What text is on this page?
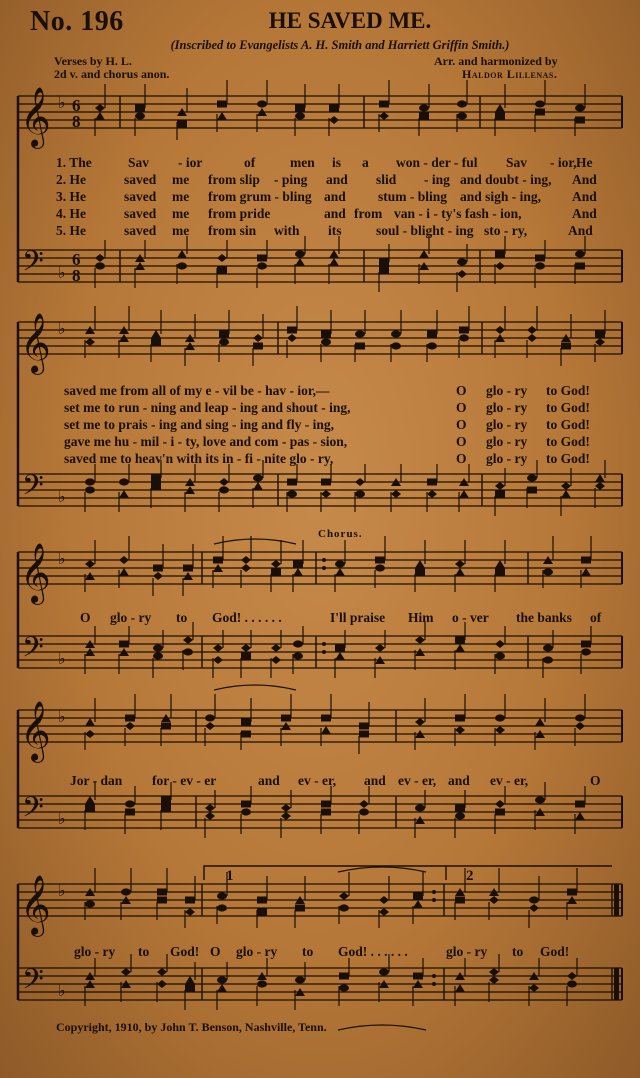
No. 196	HE SAVED ME.
(Inscribed to Evangelists A. H. Smith and Harriett Griffin Smith.)
Verses by H. L.
2d v. and chorus anon.
Arr. and harmonized by
Haldor Lillenas.
Chorus.
𝄞
𝄢
♭
♭
6
8
6
8
𝄞
𝄢
♭
♭
𝄞
𝄢
♭
♭
𝄞
𝄢
♭
♭
𝄞
𝄢
♭
♭
1	2
1. The	Sav - ior	of	men is a won - der - ful Sav - ior, He
2. He	saved me from slip - ping and slid - ing and doubt - ing, And
3. He	saved me from grum - bling and stum - bling and sigh - ing, And
4. He	saved me from pride	and from van - i - ty's fash - ion,	And
5. He	saved me from sin with its	soul - blight - ing sto - ry,	And
saved me from all of my e - vil be - hav - ior,—	O glo - ry to God!
set me to run - ning and leap - ing and shout - ing,	O glo - ry to God!
set me to prais - ing and sing - ing and fly - ing,	O glo - ry to God!
gave me hu - mil - i - ty, love and com - pas - sion,	O glo - ry to God!
saved me to heav'n with its in - fi - nite glo - ry,	O glo - ry to God!
O glo - ry to God! . . . . . .	I'll praise Him o - ver the banks of
Jor - dan for - ev - er	and ev - er, and ev - er, and ev - er,	O
glo - ry to God! O glo - ry to God! . . . . . .	glo - ry to God!
Copyright, 1910, by John T. Benson, Nashville, Tenn.
